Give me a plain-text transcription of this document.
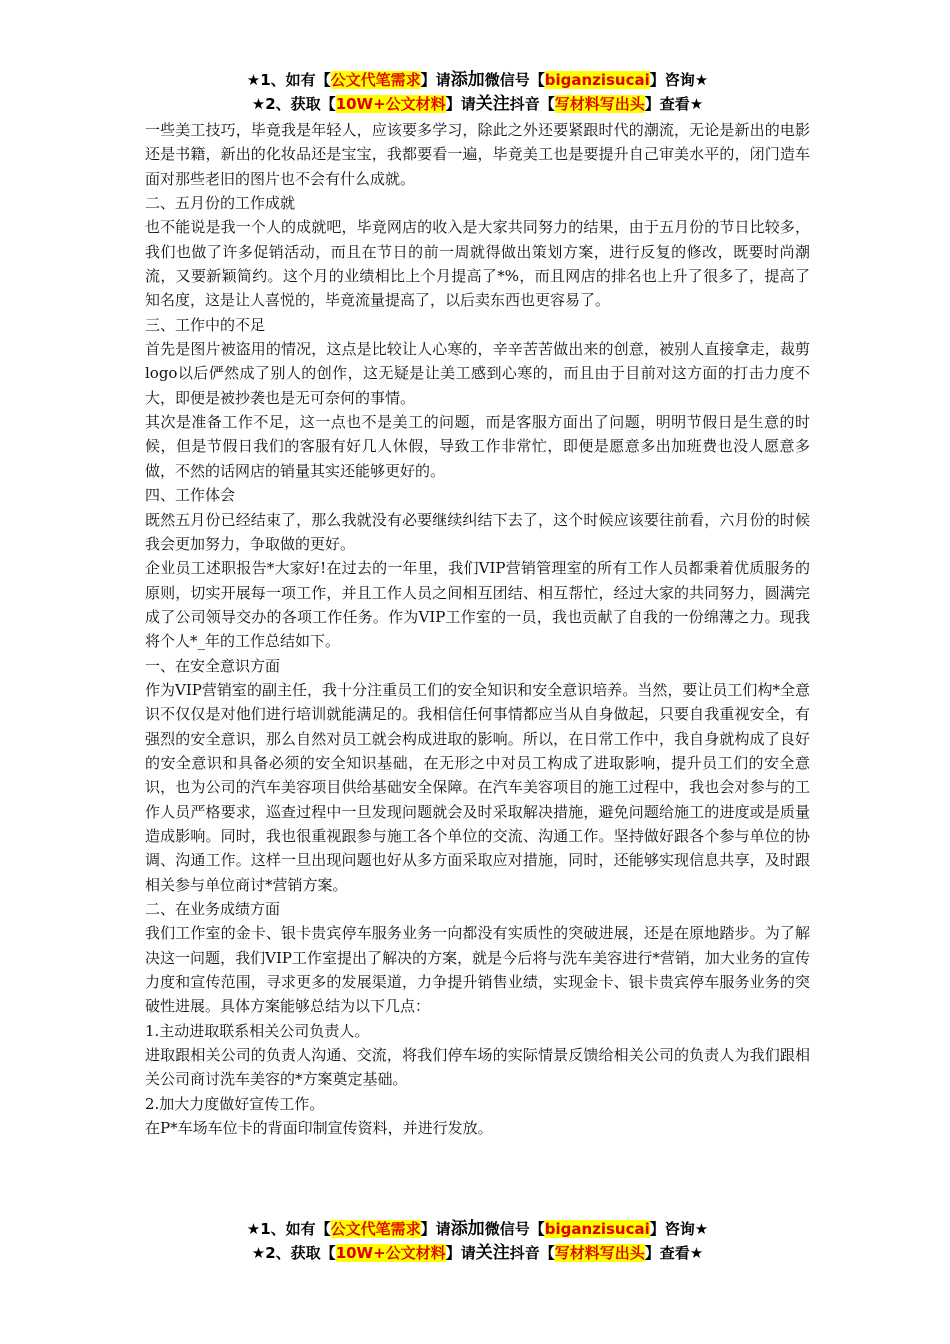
★1、如有【公文代笔需求】请添加微信号【biganzisucai】咨询★
★2、获取【10W+公文材料】请关注抖音【写材料写出头】查看★

一些美工技巧，毕竟我是年轻人，应该要多学习，除此之外还要紧跟时代的潮流，无论是新出的电影还是书籍，新出的化妆品还是宝宝，我都要看一遍，毕竟美工也是要提升自己审美水平的，闭门造车面对那些老旧的图片也不会有什么成就。

二、五月份的工作成就

也不能说是我一个人的成就吧，毕竟网店的收入是大家共同努力的结果，由于五月份的节日比较多，我们也做了许多促销活动，而且在节日的前一周就得做出策划方案，进行反复的修改，既要时尚潮流，又要新颖简约。这个月的业绩相比上个月提高了*%，而且网店的排名也上升了很多了，提高了知名度，这是让人喜悦的，毕竟流量提高了，以后卖东西也更容易了。

三、工作中的不足

首先是图片被盗用的情况，这点是比较让人心寒的，辛辛苦苦做出来的创意，被别人直接拿走，裁剪logo以后俨然成了别人的创作，这无疑是让美工感到心寒的，而且由于目前对这方面的打击力度不大，即便是被抄袭也是无可奈何的事情。

其次是准备工作不足，这一点也不是美工的问题，而是客服方面出了问题，明明节假日是生意的时候，但是节假日我们的客服有好几人休假，导致工作非常忙，即便是愿意多出加班费也没人愿意多做，不然的话网店的销量其实还能够更好的。

四、工作体会

既然五月份已经结束了，那么我就没有必要继续纠结下去了，这个时候应该要往前看，六月份的时候我会更加努力，争取做的更好。

企业员工述职报告*大家好!在过去的一年里，我们VIP营销管理室的所有工作人员都秉着优质服务的原则，切实开展每一项工作，并且工作人员之间相互团结、相互帮忙，经过大家的共同努力，圆满完成了公司领导交办的各项工作任务。作为VIP工作室的一员，我也贡献了自我的一份绵薄之力。现我将个人*_年的工作总结如下。

一、在安全意识方面

作为VIP营销室的副主任，我十分注重员工们的安全知识和安全意识培养。当然，要让员工们构*全意识不仅仅是对他们进行培训就能满足的。我相信任何事情都应当从自身做起，只要自我重视安全，有强烈的安全意识，那么自然对员工就会构成进取的影响。所以，在日常工作中，我自身就构成了良好的安全意识和具备必须的安全知识基础，在无形之中对员工构成了进取影响，提升员工们的安全意识，也为公司的汽车美容项目供给基础安全保障。在汽车美容项目的施工过程中，我也会对参与的工作人员严格要求，巡查过程中一旦发现问题就会及时采取解决措施，避免问题给施工的进度或是质量造成影响。同时，我也很重视跟参与施工各个单位的交流、沟通工作。坚持做好跟各个参与单位的协调、沟通工作。这样一旦出现问题也好从多方面采取应对措施，同时，还能够实现信息共享，及时跟相关参与单位商讨*营销方案。

二、在业务成绩方面

我们工作室的金卡、银卡贵宾停车服务业务一向都没有实质性的突破进展，还是在原地踏步。为了解决这一问题，我们VIP工作室提出了解决的方案，就是今后将与洗车美容进行*营销，加大业务的宣传力度和宣传范围，寻求更多的发展渠道，力争提升销售业绩，实现金卡、银卡贵宾停车服务业务的突破性进展。具体方案能够总结为以下几点：

1.主动进取联系相关公司负责人。

进取跟相关公司的负责人沟通、交流，将我们停车场的实际情景反馈给相关公司的负责人为我们跟相关公司商讨洗车美容的*方案奠定基础。

2.加大力度做好宣传工作。

在P*车场车位卡的背面印制宣传资料，并进行发放。

★1、如有【公文代笔需求】请添加微信号【biganzisucai】咨询★
★2、获取【10W+公文材料】请关注抖音【写材料写出头】查看★
